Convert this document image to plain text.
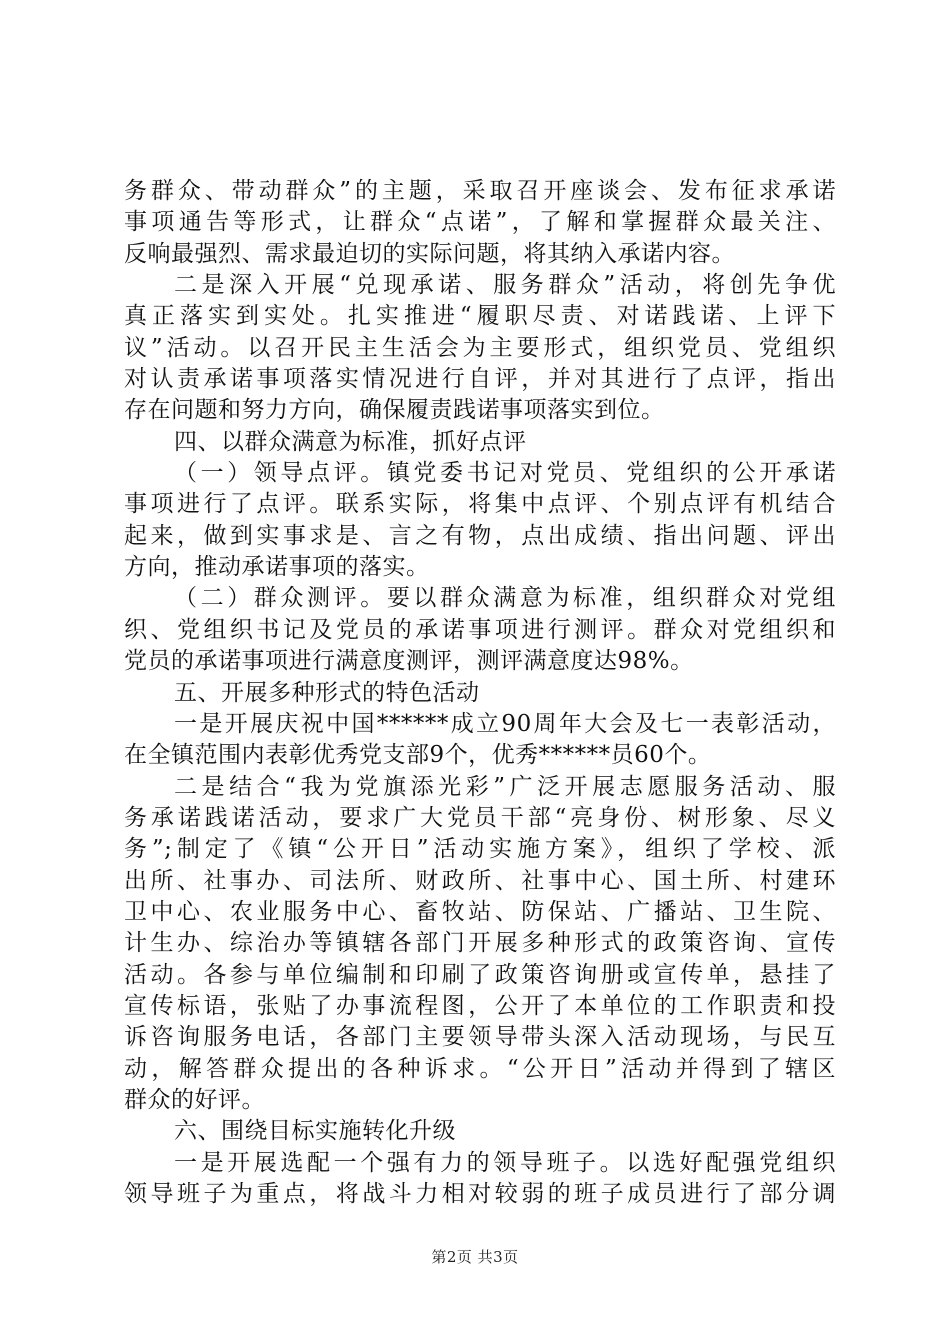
务群众、带动群众”的主题，采取召开座谈会、发布征求承诺
事项通告等形式，让群众“点诺”，了解和掌握群众最关注、
反响最强烈、需求最迫切的实际问题，将其纳入承诺内容。
二是深入开展“兑现承诺、服务群众”活动，将创先争优
真正落实到实处。扎实推进“履职尽责、对诺践诺、上评下
议”活动。以召开民主生活会为主要形式，组织党员、党组织
对认责承诺事项落实情况进行自评，并对其进行了点评，指出
存在问题和努力方向，确保履责践诺事项落实到位。
四、以群众满意为标准，抓好点评
（一）领导点评。镇党委书记对党员、党组织的公开承诺
事项进行了点评。联系实际，将集中点评、个别点评有机结合
起来，做到实事求是、言之有物，点出成绩、指出问题、评出
方向，推动承诺事项的落实。
（二）群众测评。要以群众满意为标准，组织群众对党组
织、党组织书记及党员的承诺事项进行测评。群众对党组织和
党员的承诺事项进行满意度测评，测评满意度达98%。
五、开展多种形式的特色活动
一是开展庆祝中国******成立90周年大会及七一表彰活动，
在全镇范围内表彰优秀党支部9个，优秀******员60个。
二是结合“我为党旗添光彩”广泛开展志愿服务活动、服
务承诺践诺活动，要求广大党员干部“亮身份、树形象、尽义
务”;制定了《镇“公开日”活动实施方案》，组织了学校、派
出所、社事办、司法所、财政所、社事中心、国土所、村建环
卫中心、农业服务中心、畜牧站、防保站、广播站、卫生院、
计生办、综治办等镇辖各部门开展多种形式的政策咨询、宣传
活动。各参与单位编制和印刷了政策咨询册或宣传单，悬挂了
宣传标语，张贴了办事流程图，公开了本单位的工作职责和投
诉咨询服务电话，各部门主要领导带头深入活动现场，与民互
动，解答群众提出的各种诉求。“公开日”活动并得到了辖区
群众的好评。
六、围绕目标实施转化升级
一是开展选配一个强有力的领导班子。以选好配强党组织
领导班子为重点，将战斗力相对较弱的班子成员进行了部分调
第2页 共3页
